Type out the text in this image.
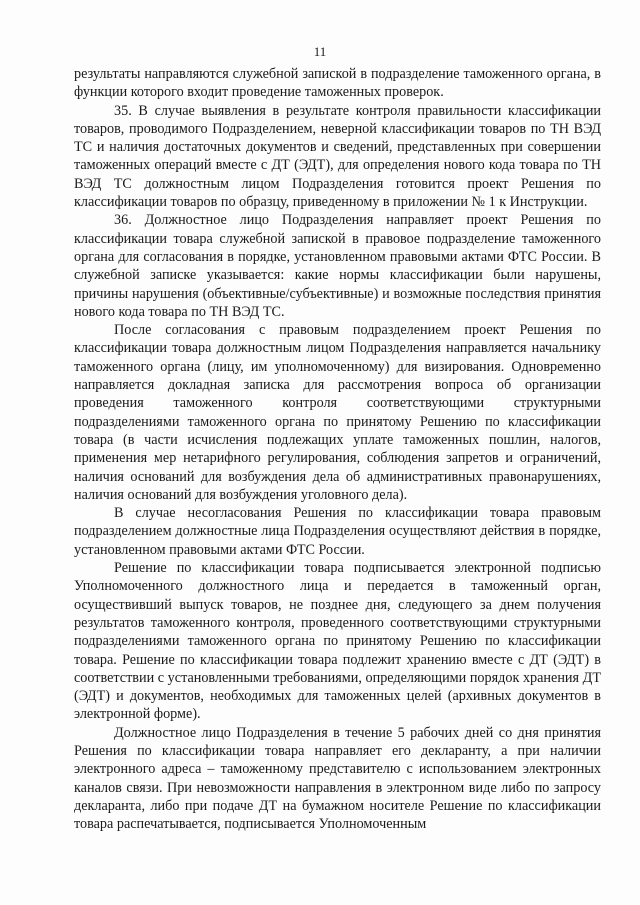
11

результаты направляются служебной запиской в подразделение таможенного органа, в функции которого входит проведение таможенных проверок.

35. В случае выявления в результате контроля правильности классификации товаров, проводимого Подразделением, неверной классификации товаров по ТН ВЭД ТС и наличия достаточных документов и сведений, представленных при совершении таможенных операций вместе с ДТ (ЭДТ), для определения нового кода товара по ТН ВЭД ТС должностным лицом Подразделения готовится проект Решения по классификации товаров по образцу, приведенному в приложении № 1 к Инструкции.

36. Должностное лицо Подразделения направляет проект Решения по классификации товара служебной запиской в правовое подразделение таможенного органа для согласования в порядке, установленном правовыми актами ФТС России. В служебной записке указывается: какие нормы классификации были нарушены, причины нарушения (объективные/субъективные) и возможные последствия принятия нового кода товара по ТН ВЭД ТС.

После согласования с правовым подразделением проект Решения по классификации товара должностным лицом Подразделения направляется начальнику таможенного органа (лицу, им уполномоченному) для визирования. Одновременно направляется докладная записка для рассмотрения вопроса об организации проведения таможенного контроля соответствующими структурными подразделениями таможенного органа по принятому Решению по классификации товара (в части исчисления подлежащих уплате таможенных пошлин, налогов, применения мер нетарифного регулирования, соблюдения запретов и ограничений, наличия оснований для возбуждения дела об административных правонарушениях, наличия оснований для возбуждения уголовного дела).

В случае несогласования Решения по классификации товара правовым подразделением должностные лица Подразделения осуществляют действия в порядке, установленном правовыми актами ФТС России.

Решение по классификации товара подписывается электронной подписью Уполномоченного должностного лица и передается в таможенный орган, осуществивший выпуск товаров, не позднее дня, следующего за днем получения результатов таможенного контроля, проведенного соответствующими структурными подразделениями таможенного органа по принятому Решению по классификации товара. Решение по классификации товара подлежит хранению вместе с ДТ (ЭДТ) в соответствии с установленными требованиями, определяющими порядок хранения ДТ (ЭДТ) и документов, необходимых для таможенных целей (архивных документов в электронной форме).

Должностное лицо Подразделения в течение 5 рабочих дней со дня принятия Решения по классификации товара направляет его декларанту, а при наличии электронного адреса – таможенному представителю с использованием электронных каналов связи. При невозможности направления в электронном виде либо по запросу декларанта, либо при подаче ДТ на бумажном носителе Решение по классификации товара распечатывается, подписывается Уполномоченным
